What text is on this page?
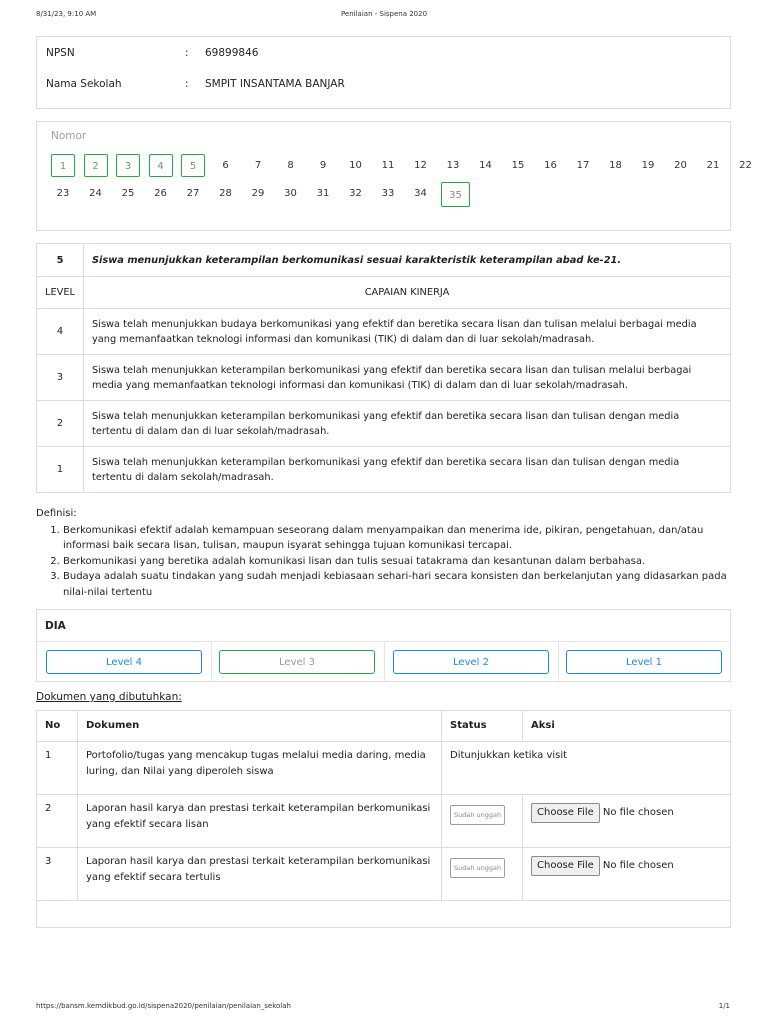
8/31/23, 9:10 AM	Penilaian - Sispena 2020
NPSN	: 69899846
Nama Sekolah	: SMPIT INSANTAMA BANJAR
Nomor
1	2	3	4	5	6	7	8	9	10	11	12	13	14	15	16	17	18	19	20	21	22
23	24	25	26	27	28	29	30	31	32	33	34	35
5	Siswa menunjukkan keterampilan berkomunikasi sesuai karakteristik keterampilan abad ke-21.
LEVEL	CAPAIAN KINERJA
4	Siswa telah menunjukkan budaya berkomunikasi yang efektif dan beretika secara lisan dan tulisan melalui berbagai media yang memanfaatkan teknologi informasi dan komunikasi (TIK) di dalam dan di luar sekolah/madrasah.
3	Siswa telah menunjukkan keterampilan berkomunikasi yang efektif dan beretika secara lisan dan tulisan melalui berbagai media yang memanfaatkan teknologi informasi dan komunikasi (TIK) di dalam dan di luar sekolah/madrasah.
2	Siswa telah menunjukkan keterampilan berkomunikasi yang efektif dan beretika secara lisan dan tulisan dengan media tertentu di dalam dan di luar sekolah/madrasah.
1	Siswa telah menunjukkan keterampilan berkomunikasi yang efektif dan beretika secara lisan dan tulisan dengan media tertentu di dalam sekolah/madrasah.
Definisi:
1. Berkomunikasi efektif adalah kemampuan seseorang dalam menyampaikan dan menerima ide, pikiran, pengetahuan, dan/atau informasi baik secara lisan, tulisan, maupun isyarat sehingga tujuan komunikasi tercapai.
2. Berkomunikasi yang beretika adalah komunikasi lisan dan tulis sesuai tatakrama dan kesantunan dalam berbahasa.
3. Budaya adalah suatu tindakan yang sudah menjadi kebiasaan sehari-hari secara konsisten dan berkelanjutan yang didasarkan pada nilai-nilai tertentu
DIA
Level 4	Level 3	Level 2	Level 1
Dokumen yang dibutuhkan:
No	Dokumen	Status	Aksi
1	Portofolio/tugas yang mencakup tugas melalui media daring, media luring, dan Nilai yang diperoleh siswa	Ditunjukkan ketika visit	
2	Laporan hasil karya dan prestasi terkait keterampilan berkomunikasi yang efektif secara lisan	Sudah unggah	Choose File No file chosen
3	Laporan hasil karya dan prestasi terkait keterampilan berkomunikasi yang efektif secara tertulis	Sudah unggah	Choose File No file chosen

https://bansm.kemdikbud.go.id/sispena2020/penilaian/penilaian_sekolah	1/1
